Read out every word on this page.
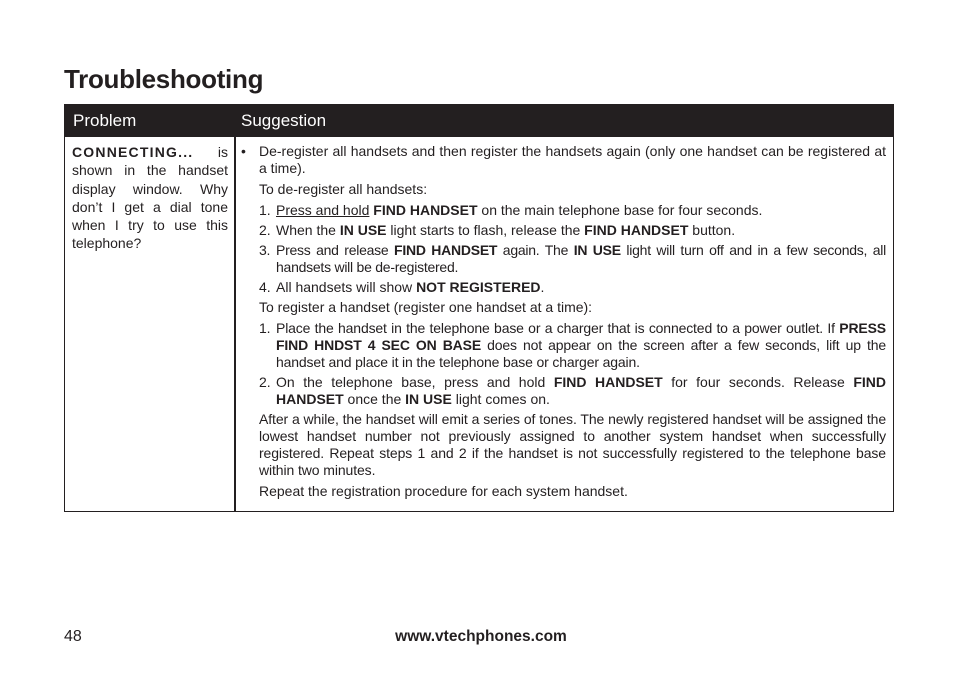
Troubleshooting
Problem	Suggestion
CONNECTING... is shown in the handset display window. Why don’t I get a dial tone when I try to use this telephone?
• De-register all handsets and then register the handsets again (only one handset can be registered at a time).
To de-register all handsets:
1. Press and hold FIND HANDSET on the main telephone base for four seconds.
2. When the IN USE light starts to flash, release the FIND HANDSET button.
3. Press and release FIND HANDSET again. The IN USE light will turn off and in a few seconds, all handsets will be de-registered.
4. All handsets will show NOT REGISTERED.
To register a handset (register one handset at a time):
1. Place the handset in the telephone base or a charger that is connected to a power outlet. If PRESS FIND HNDST 4 SEC ON BASE does not appear on the screen after a few seconds, lift up the handset and place it in the telephone base or charger again.
2. On the telephone base, press and hold FIND HANDSET for four seconds. Release FIND HANDSET once the IN USE light comes on.
After a while, the handset will emit a series of tones. The newly registered handset will be assigned the lowest handset number not previously assigned to another system handset when successfully registered. Repeat steps 1 and 2 if the handset is not successfully registered to the telephone base within two minutes.
Repeat the registration procedure for each system handset.
48	www.vtechphones.com
